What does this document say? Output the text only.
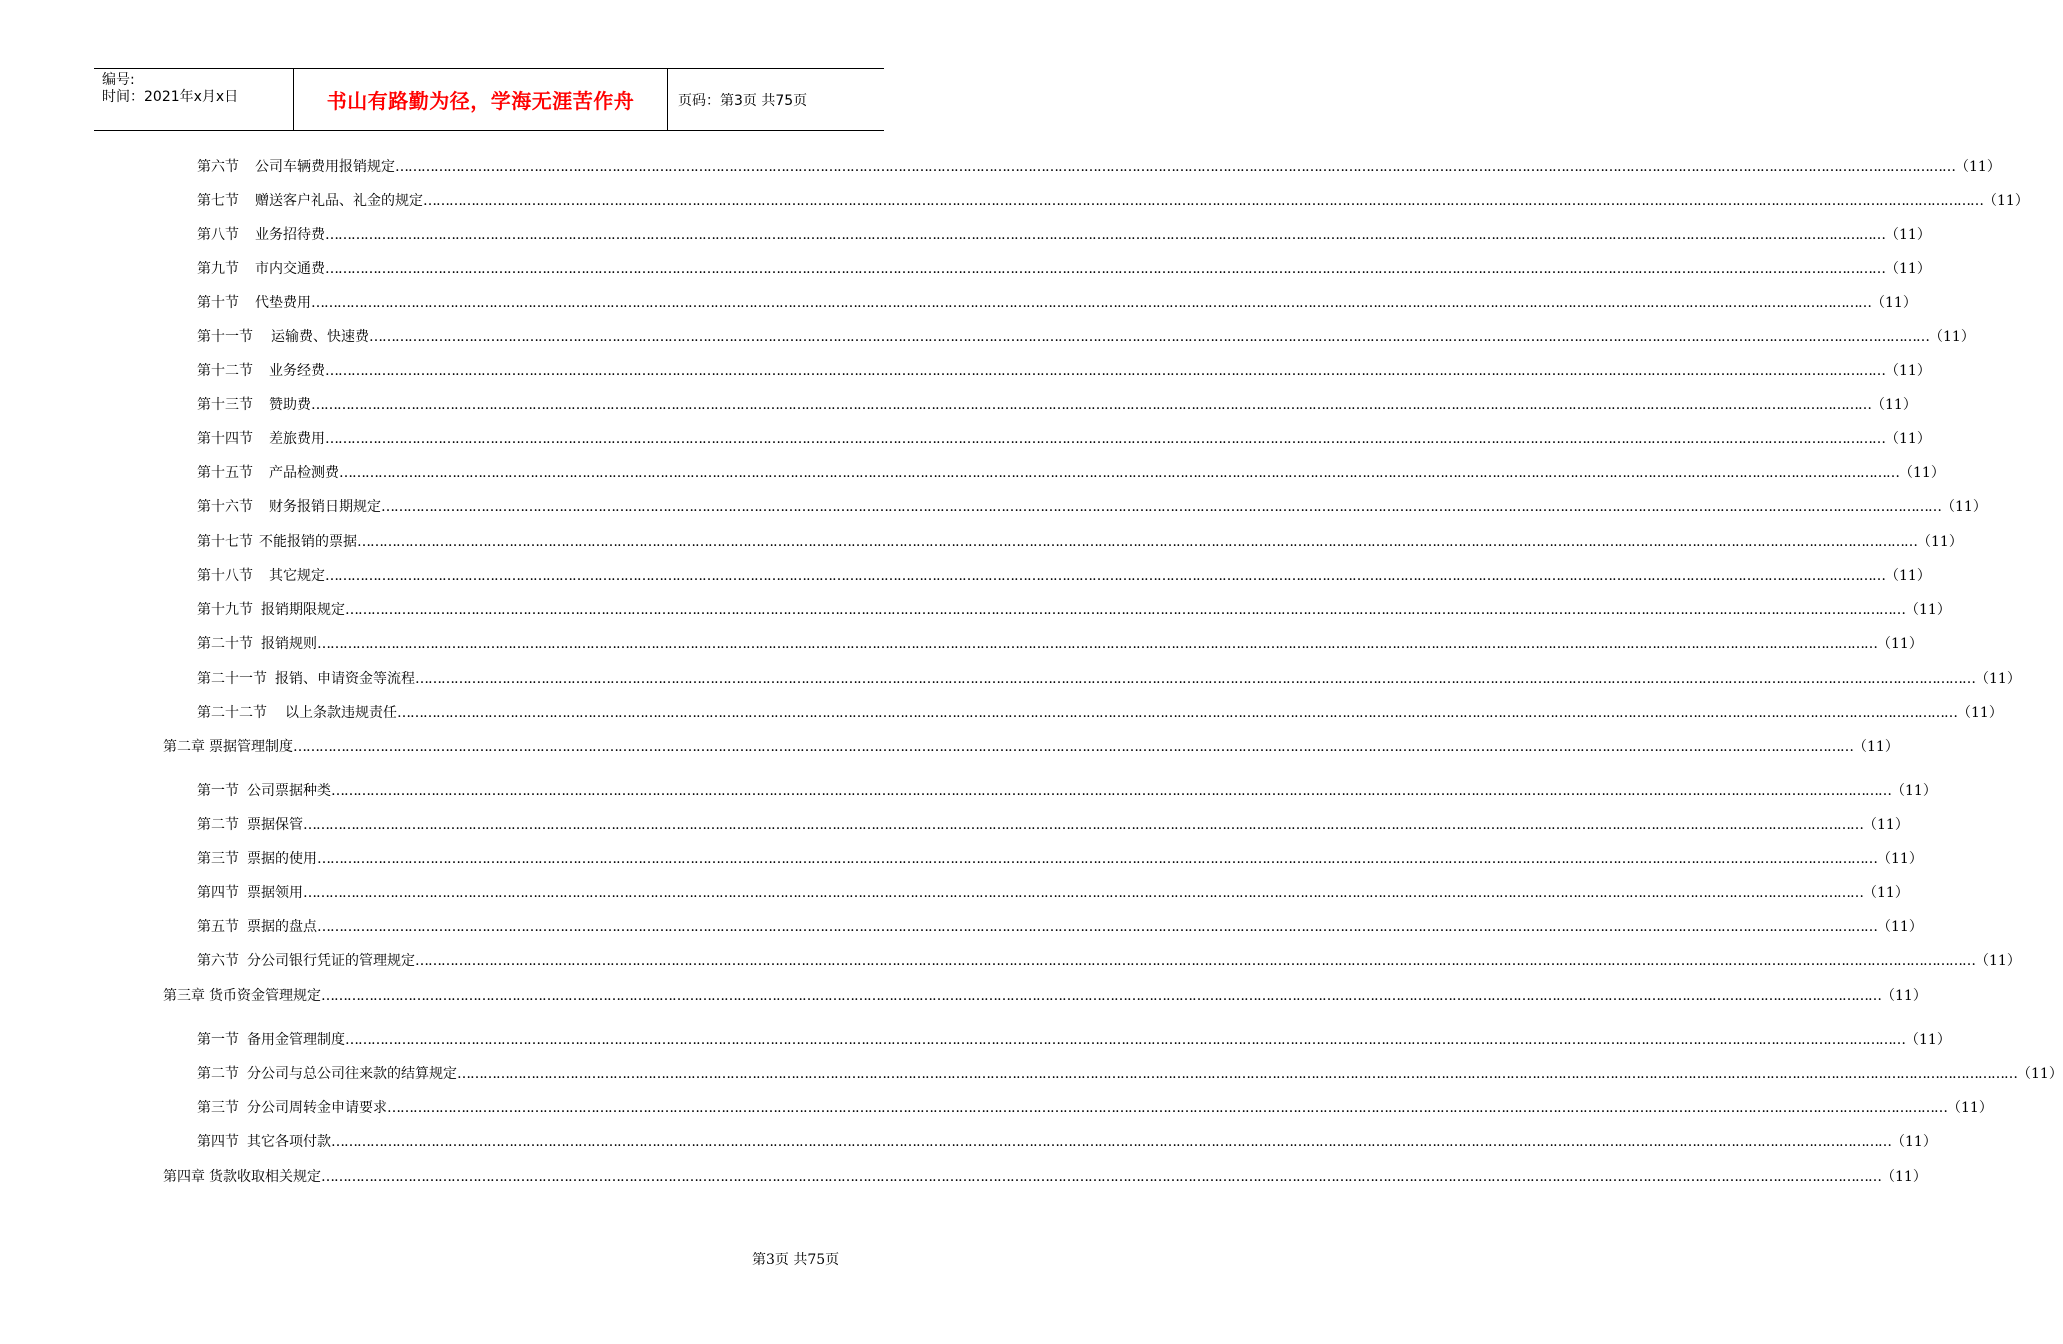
编号:
时间：2021年x月x日	书山有路勤为径，学海无涯苦作舟	页码：第3页 共75页
第六节 公司车辆费用报销规定 ……………………………………………………………………………………………………………………………………………………………………………………………………………………………………………………………………………………………………………………………… （11）
第七节 赠送客户礼品、礼金的规定 ……………………………………………………………………………………………………………………………………………………………………………………………………………………………………………………………………………………………………………………………… （11）
第八节 业务招待费 ……………………………………………………………………………………………………………………………………………………………………………………………………………………………………………………………………………………………………………………………… （11）
第九节 市内交通费 ……………………………………………………………………………………………………………………………………………………………………………………………………………………………………………………………………………………………………………………………… （11）
第十节 代垫费用 ……………………………………………………………………………………………………………………………………………………………………………………………………………………………………………………………………………………………………………………………… （11）
第十一节 运输费、快速费 ……………………………………………………………………………………………………………………………………………………………………………………………………………………………………………………………………………………………………………………………… （11）
第十二节 业务经费 ……………………………………………………………………………………………………………………………………………………………………………………………………………………………………………………………………………………………………………………………… （11）
第十三节 赞助费 ……………………………………………………………………………………………………………………………………………………………………………………………………………………………………………………………………………………………………………………………… （11）
第十四节 差旅费用 ……………………………………………………………………………………………………………………………………………………………………………………………………………………………………………………………………………………………………………………………… （11）
第十五节 产品检测费 ……………………………………………………………………………………………………………………………………………………………………………………………………………………………………………………………………………………………………………………………… （11）
第十六节 财务报销日期规定 ……………………………………………………………………………………………………………………………………………………………………………………………………………………………………………………………………………………………………………………………… （11）
第十七节 不能报销的票据 ……………………………………………………………………………………………………………………………………………………………………………………………………………………………………………………………………………………………………………………………… （11）
第十八节 其它规定 ……………………………………………………………………………………………………………………………………………………………………………………………………………………………………………………………………………………………………………………………… （11）
第十九节 报销期限规定 ……………………………………………………………………………………………………………………………………………………………………………………………………………………………………………………………………………………………………………………………… （11）
第二十节 报销规则 ……………………………………………………………………………………………………………………………………………………………………………………………………………………………………………………………………………………………………………………………… （11）
第二十一节 报销、申请资金等流程 ……………………………………………………………………………………………………………………………………………………………………………………………………………………………………………………………………………………………………………………………… （11）
第二十二节 以上条款违规责任 ……………………………………………………………………………………………………………………………………………………………………………………………………………………………………………………………………………………………………………………………… （11）
第二章 票据管理制度 ……………………………………………………………………………………………………………………………………………………………………………………………………………………………………………………………………………………………………………………………… （11）
第一节 公司票据种类 ……………………………………………………………………………………………………………………………………………………………………………………………………………………………………………………………………………………………………………………………… （11）
第二节 票据保管 ……………………………………………………………………………………………………………………………………………………………………………………………………………………………………………………………………………………………………………………………… （11）
第三节 票据的使用 ……………………………………………………………………………………………………………………………………………………………………………………………………………………………………………………………………………………………………………………………… （11）
第四节 票据领用 ……………………………………………………………………………………………………………………………………………………………………………………………………………………………………………………………………………………………………………………………… （11）
第五节 票据的盘点 ……………………………………………………………………………………………………………………………………………………………………………………………………………………………………………………………………………………………………………………………… （11）
第六节 分公司银行凭证的管理规定 ……………………………………………………………………………………………………………………………………………………………………………………………………………………………………………………………………………………………………………………………… （11）
第三章 货币资金管理规定 ……………………………………………………………………………………………………………………………………………………………………………………………………………………………………………………………………………………………………………………………… （11）
第一节 备用金管理制度 ……………………………………………………………………………………………………………………………………………………………………………………………………………………………………………………………………………………………………………………………… （11）
第二节 分公司与总公司往来款的结算规定 ……………………………………………………………………………………………………………………………………………………………………………………………………………………………………………………………………………………………………………………………… （11）
第三节 分公司周转金申请要求 ……………………………………………………………………………………………………………………………………………………………………………………………………………………………………………………………………………………………………………………………… （11）
第四节 其它各项付款 ……………………………………………………………………………………………………………………………………………………………………………………………………………………………………………………………………………………………………………………………… （11）
第四章 货款收取相关规定 ……………………………………………………………………………………………………………………………………………………………………………………………………………………………………………………………………………………………………………………………… （11）
第3页 共75页
